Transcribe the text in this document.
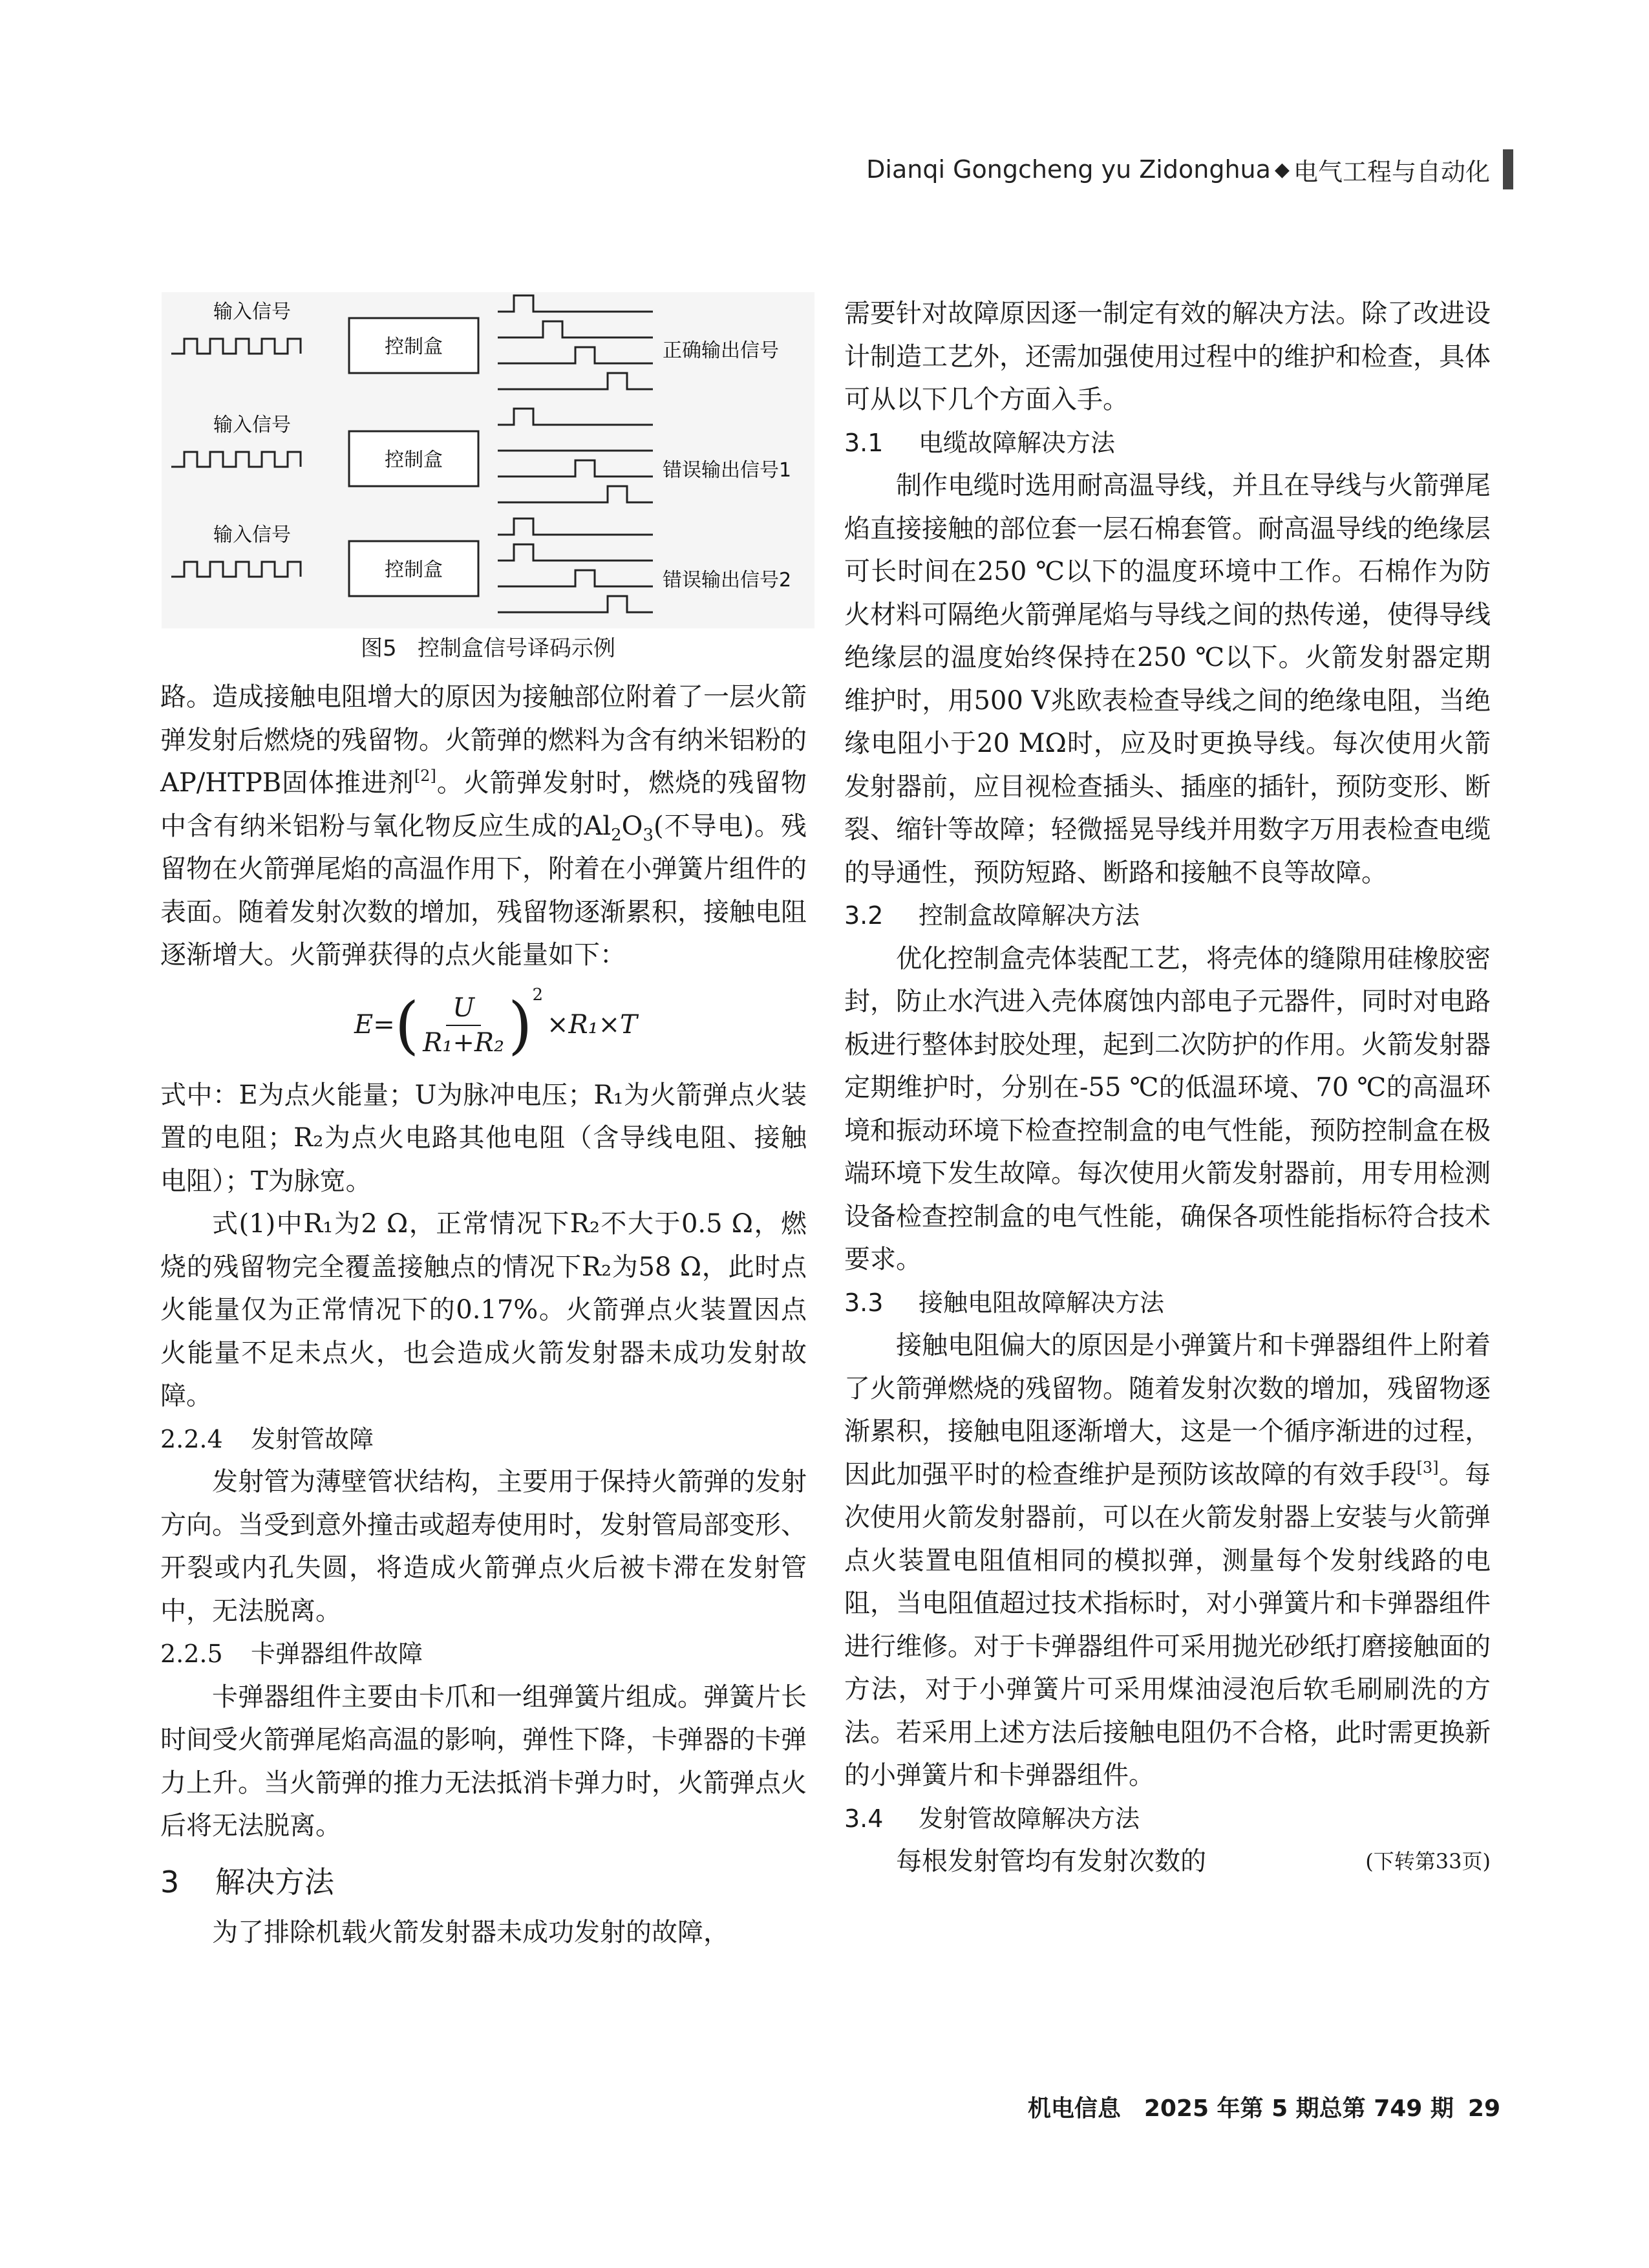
Dianqi Gongcheng yu Zidonghua ◆ 电气工程与自动化
输入信号
控制盒	正确输出信号
输入信号
控制盒	错误输出信号1
输入信号
控制盒	错误输出信号2
图5 控制盒信号译码示例

路。造成接触电阻增大的原因为接触部位附着了一层火箭弹发射后燃烧的残留物。火箭弹的燃料为含有纳米铝粉的AP/HTPB固体推进剂[2]。火箭弹发射时，燃烧的残留物中含有纳米铝粉与氧化物反应生成的$Al_2O_3$(不导电)。残留物在火箭弹尾焰的高温作用下，附着在小弹簧片组件的表面。随着发射次数的增加，残留物逐渐累积，接触电阻逐渐增大。火箭弹获得的点火能量如下：

E= ( $\frac{U}{\text{R₁+R₂}}$ ) 2
×R₁×T

式中：E为点火能量；U为脉冲电压；R₁为火箭弹点火装置的电阻；R₂为点火电路其他电阻（含导线电阻、接触电阻）；T为脉宽。

式(1)中R₁为2 Ω，正常情况下R₂不大于0.5 Ω，燃烧的残留物完全覆盖接触点的情况下R₂为58 Ω，此时点火能量仅为正常情况下的0.17%。火箭弹点火装置因点火能量不足未点火，也会造成火箭发射器未成功发射故障。

2.2.4 发射管故障

发射管为薄壁管状结构，主要用于保持火箭弹的发射方向。当受到意外撞击或超寿使用时，发射管局部变形、开裂或内孔失圆，将造成火箭弹点火后被卡滞在发射管中，无法脱离。

2.2.5 卡弹器组件故障

卡弹器组件主要由卡爪和一组弹簧片组成。弹簧片长时间受火箭弹尾焰高温的影响，弹性下降，卡弹器的卡弹力上升。当火箭弹的推力无法抵消卡弹力时，火箭弹点火后将无法脱离。

3 解决方法

为了排除机载火箭发射器未成功发射的故障，

需要针对故障原因逐一制定有效的解决方法。除了改进设计制造工艺外，还需加强使用过程中的维护和检查，具体可从以下几个方面入手。

3.1 电缆故障解决方法

制作电缆时选用耐高温导线，并且在导线与火箭弹尾焰直接接触的部位套一层石棉套管。耐高温导线的绝缘层可长时间在250 ℃以下的温度环境中工作。石棉作为防火材料可隔绝火箭弹尾焰与导线之间的热传递，使得导线绝缘层的温度始终保持在250 ℃以下。火箭发射器定期维护时，用500 V兆欧表检查导线之间的绝缘电阻，当绝缘电阻小于20 MΩ时，应及时更换导线。每次使用火箭发射器前，应目视检查插头、插座的插针，预防变形、断裂、缩针等故障；轻微摇晃导线并用数字万用表检查电缆的导通性，预防短路、断路和接触不良等故障。

3.2 控制盒故障解决方法

优化控制盒壳体装配工艺，将壳体的缝隙用硅橡胶密封，防止水汽进入壳体腐蚀内部电子元器件，同时对电路板进行整体封胶处理，起到二次防护的作用。火箭发射器定期维护时，分别在-55 ℃的低温环境、70 ℃的高温环境和振动环境下检查控制盒的电气性能，预防控制盒在极端环境下发生故障。每次使用火箭发射器前，用专用检测设备检查控制盒的电气性能，确保各项性能指标符合技术要求。

3.3 接触电阻故障解决方法

接触电阻偏大的原因是小弹簧片和卡弹器组件上附着了火箭弹燃烧的残留物。随着发射次数的增加，残留物逐渐累积，接触电阻逐渐增大，这是一个循序渐进的过程，因此加强平时的检查维护是预防该故障的有效手段[3]。每次使用火箭发射器前，可以在火箭发射器上安装与火箭弹点火装置电阻值相同的模拟弹，测量每个发射线路的电阻，当电阻值超过技术指标时，对小弹簧片和卡弹器组件进行维修。对于卡弹器组件可采用抛光砂纸打磨接触面的方法，对于小弹簧片可采用煤油浸泡后软毛刷刷洗的方法。若采用上述方法后接触电阻仍不合格，此时需更换新的小弹簧片和卡弹器组件。

3.4 发射管故障解决方法

每根发射管均有发射次数的	(下转第33页)

机电信息　2025 年第 5 期总第 749 期 29
